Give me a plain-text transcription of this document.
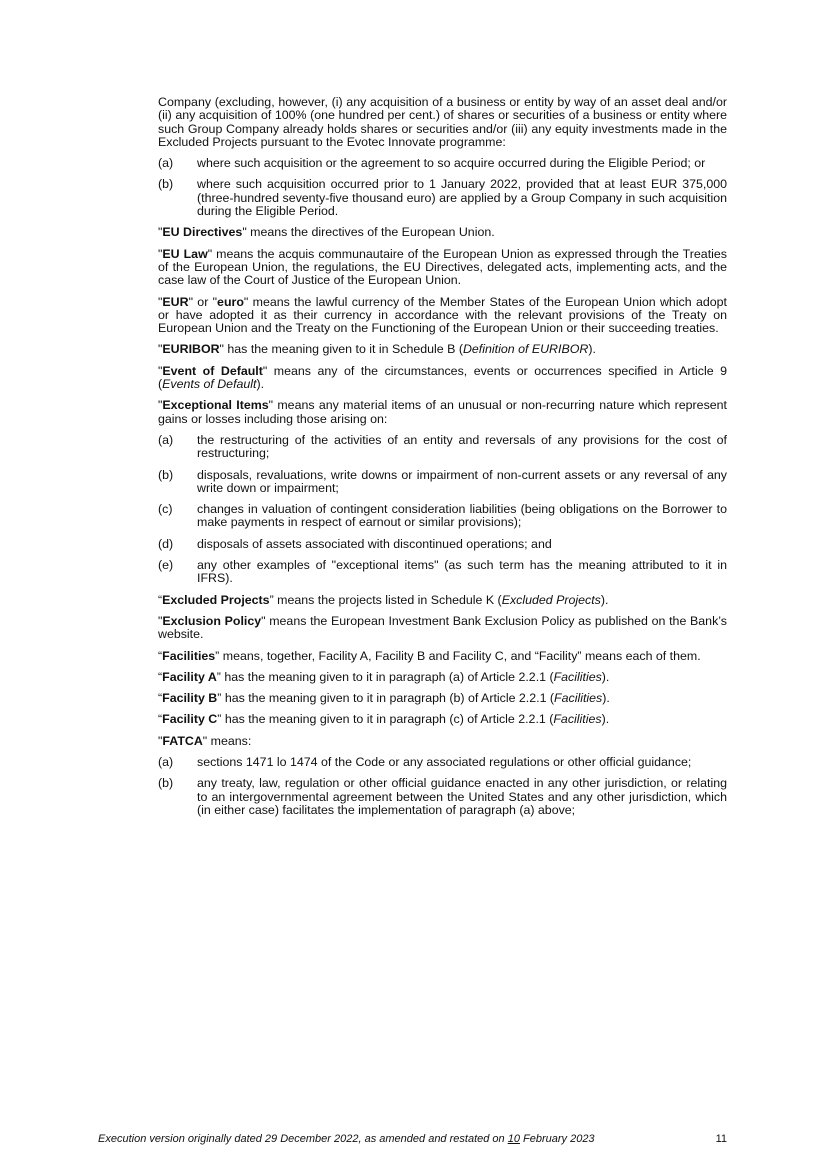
Company (excluding, however, (i) any acquisition of a business or entity by way of an asset deal and/or (ii) any acquisition of 100% (one hundred per cent.) of shares or securities of a business or entity where such Group Company already holds shares or securities and/or (iii) any equity investments made in the Excluded Projects pursuant to the Evotec Innovate programme:

(a) where such acquisition or the agreement to so acquire occurred during the Eligible Period; or
(b) where such acquisition occurred prior to 1 January 2022, provided that at least EUR 375,000 (three-hundred seventy-five thousand euro) are applied by a Group Company in such acquisition during the Eligible Period.

"EU Directives" means the directives of the European Union.

"EU Law" means the acquis communautaire of the European Union as expressed through the Treaties of the European Union, the regulations, the EU Directives, delegated acts, implementing acts, and the case law of the Court of Justice of the European Union.

"EUR" or "euro" means the lawful currency of the Member States of the European Union which adopt or have adopted it as their currency in accordance with the relevant provisions of the Treaty on European Union and the Treaty on the Functioning of the European Union or their succeeding treaties.

"EURIBOR" has the meaning given to it in Schedule B (Definition of EURIBOR).

"Event of Default" means any of the circumstances, events or occurrences specified in Article 9 (Events of Default).

"Exceptional Items" means any material items of an unusual or non-recurring nature which represent gains or losses including those arising on:

(a) the restructuring of the activities of an entity and reversals of any provisions for the cost of restructuring;
(b) disposals, revaluations, write downs or impairment of non-current assets or any reversal of any write down or impairment;
(c) changes in valuation of contingent consideration liabilities (being obligations on the Borrower to make payments in respect of earnout or similar provisions);
(d) disposals of assets associated with discontinued operations; and
(e) any other examples of "exceptional items" (as such term has the meaning attributed to it in IFRS).

“Excluded Projects” means the projects listed in Schedule K (Excluded Projects).

"Exclusion Policy" means the European Investment Bank Exclusion Policy as published on the Bank’s website.

“Facilities” means, together, Facility A, Facility B and Facility C, and “Facility” means each of them.

“Facility A” has the meaning given to it in paragraph (a) of Article 2.2.1 (Facilities).

“Facility B” has the meaning given to it in paragraph (b) of Article 2.2.1 (Facilities).

“Facility C” has the meaning given to it in paragraph (c) of Article 2.2.1 (Facilities).

"FATCA" means:

(a) sections 1471 lo 1474 of the Code or any associated regulations or other official guidance;
(b) any treaty, law, regulation or other official guidance enacted in any other jurisdiction, or relating to an intergovernmental agreement between the United States and any other jurisdiction, which (in either case) facilitates the implementation of paragraph (a) above;
Execution version originally dated 29 December 2022, as amended and restated on 10 February 2023	11
